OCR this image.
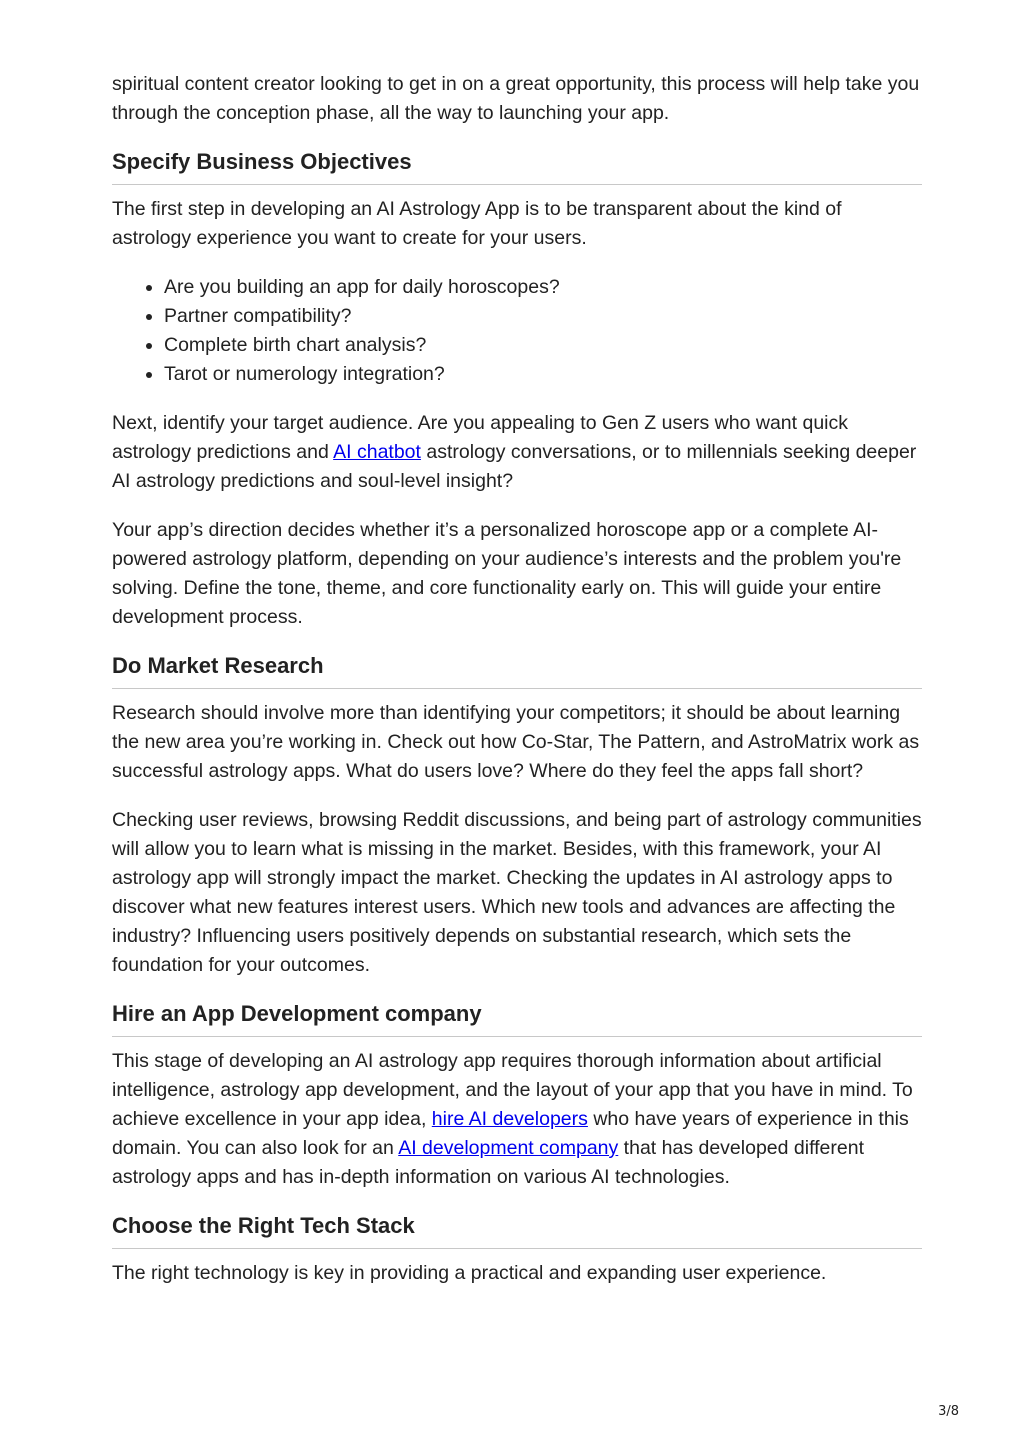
spiritual content creator looking to get in on a great opportunity, this process will help take you through the conception phase, all the way to launching your app.

Specify Business Objectives

The first step in developing an AI Astrology App is to be transparent about the kind of astrology experience you want to create for your users.

• Are you building an app for daily horoscopes?
• Partner compatibility?
• Complete birth chart analysis?
• Tarot or numerology integration?

Next, identify your target audience. Are you appealing to Gen Z users who want quick astrology predictions and AI chatbot astrology conversations, or to millennials seeking deeper AI astrology predictions and soul-level insight?

Your app’s direction decides whether it’s a personalized horoscope app or a complete AI-powered astrology platform, depending on your audience’s interests and the problem you're solving. Define the tone, theme, and core functionality early on. This will guide your entire development process.

Do Market Research

Research should involve more than identifying your competitors; it should be about learning the new area you’re working in. Check out how Co-Star, The Pattern, and AstroMatrix work as successful astrology apps. What do users love? Where do they feel the apps fall short?

Checking user reviews, browsing Reddit discussions, and being part of astrology communities will allow you to learn what is missing in the market. Besides, with this framework, your AI astrology app will strongly impact the market. Checking the updates in AI astrology apps to discover what new features interest users. Which new tools and advances are affecting the industry? Influencing users positively depends on substantial research, which sets the foundation for your outcomes.

Hire an App Development company

This stage of developing an AI astrology app requires thorough information about artificial intelligence, astrology app development, and the layout of your app that you have in mind. To achieve excellence in your app idea, hire AI developers who have years of experience in this domain. You can also look for an AI development company that has developed different astrology apps and has in-depth information on various AI technologies.

Choose the Right Tech Stack

The right technology is key in providing a practical and expanding user experience.

3/8
